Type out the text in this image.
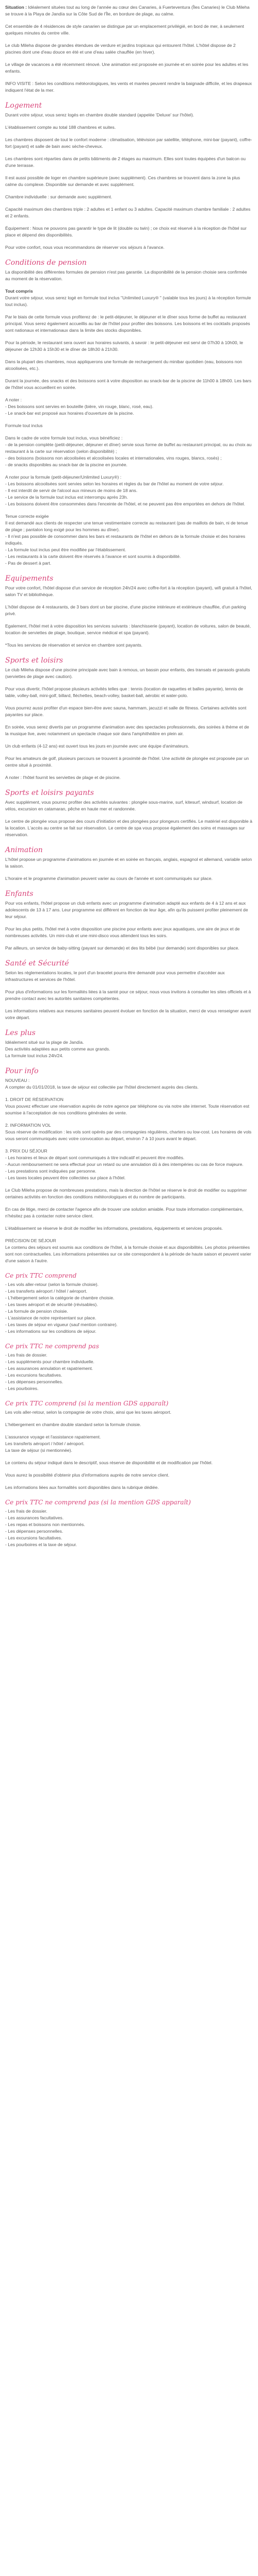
Situation : Idéalement situées tout au long de l'année au cœur des Canaries, à Fuerteventura (Îles Canaries) le Club Mileha se trouve à la Playa de Jandía sur la Côte Sud de l'Île, en bordure de plage, au calme.

Cet ensemble de 4 résidences de style canarien se distingue par un emplacement privilégié, en bord de mer, à seulement quelques minutes du centre ville.

Le club Mileha dispose de grandes étendues de verdure et jardins tropicaux qui entourent l'hôtel. L'hôtel dispose de 2 piscines dont une d'eau douce en été et une d'eau salée chauffée (en hiver).

Le village de vacances a été récemment rénové. Une animation est proposée en journée et en soirée pour les adultes et les enfants.

INFO VISITE : Selon les conditions météorologiques, les vents et marées peuvent rendre la baignade difficile, et les drapeaux indiquent l'état de la mer.

Logement

Durant votre séjour, vous serez logés en chambre double standard (appelée 'Deluxe' sur l'hôtel).

L'établissement compte au total 188 chambres et suites.

Les chambres disposent de tout le confort moderne : climatisation, télévision par satellite, téléphone, mini-bar (payant), coffre-fort (payant) et salle de bain avec sèche-cheveux.

Les chambres sont réparties dans de petits bâtiments de 2 étages au maximum. Elles sont toutes équipées d'un balcon ou d'une terrasse.

Il est aussi possible de loger en chambre supérieure (avec supplément). Ces chambres se trouvent dans la zone la plus calme du complexe. Disponible sur demande et avec supplément.

Chambre individuelle : sur demande avec supplément.

Capacité maximum des chambres triple : 2 adultes et 1 enfant ou 3 adultes. Capacité maximum chambre familiale : 2 adultes et 2 enfants.

Équipement : Nous ne pouvons pas garantir le type de lit (double ou twin) ; ce choix est réservé à la réception de l'hôtel sur place et dépend des disponibilités.

Pour votre confort, nous vous recommandons de réserver vos séjours à l'avance.

Conditions de pension

La disponibilité des différentes formules de pension n'est pas garantie. La disponibilité de la pension choisie sera confirmée au moment de la réservation.

Tout compris
Durant votre séjour, vous serez logé en formule tout inclus "Unlimited Luxury® " (valable tous les jours) à la réception formule tout inclus).

Par le biais de cette formule vous profiterez de : le petit-déjeuner, le déjeuner et le dîner sous forme de buffet au restaurant principal. Vous serez également accueillis au bar de l'hôtel pour profiter des boissons. Les boissons et les cocktails proposés sont nationaux et internationaux dans la limite des stocks disponibles.

Pour la période, le restaurant sera ouvert aux horaires suivants, à savoir : le petit-déjeuner est servi de 07h30 à 10h00, le déjeuner de 12h30 à 15h30 et le dîner de 18h30 à 21h30.

Dans la plupart des chambres, nous appliquerons une formule de rechargement du minibar quotidien (eau, boissons non alcoolisées, etc.).

Durant la journée, des snacks et des boissons sont à votre disposition au snack-bar de la piscine de 11h00 à 18h00. Les bars de l'hôtel vous accueillent en soirée.

A noter :
- Des boissons sont servies en bouteille (bière, vin rouge, blanc, rosé, eau).
- Le snack-bar est proposé aux horaires d'ouverture de la piscine.
Formule tout inclus
Dans le cadre de votre formule tout inclus, vous bénéficiez :
- de la pension complète (petit-déjeuner, déjeuner et dîner) servie sous forme de buffet au restaurant principal, ou au choix au restaurant à la carte sur réservation (selon disponibilité) ;
- des boissons (boissons non alcoolisées et alcoolisées locales et internationales, vins rouges, blancs, rosés) ;
- de snacks disponibles au snack-bar de la piscine en journée.
A noter pour la formule (petit-déjeuner/Unlimited Luxury®) :
- Les boissons alcoolisées sont servies selon les horaires et règles du bar de l'hôtel au moment de votre séjour.
- Il est interdit de servir de l'alcool aux mineurs de moins de 18 ans.
- Le service de la formule tout inclus est interrompu après 23h.
- Les boissons doivent être consommées dans l'enceinte de l'hôtel, et ne peuvent pas être emportées en dehors de l'hôtel.
Tenue correcte exigée
Il est demandé aux clients de respecter une tenue vestimentaire correcte au restaurant (pas de maillots de bain, ni de tenue de plage ; pantalon long exigé pour les hommes au dîner).
- Il n'est pas possible de consommer dans les bars et restaurants de l'hôtel en dehors de la formule choisie et des horaires indiqués.
- La formule tout inclus peut être modifiée par l'établissement.
- Les restaurants à la carte doivent être réservés à l'avance et sont soumis à disponibilité.
- Pas de dessert à part.
Equipements

Pour votre confort, l'hôtel dispose d'un service de réception 24h/24 avec coffre-fort à la réception (payant), wifi gratuit à l'hôtel, salon TV et bibliothèque.

L'hôtel dispose de 4 restaurants, de 3 bars dont un bar piscine, d'une piscine intérieure et extérieure chauffée, d'un parking privé.

Egalement, l'hôtel met à votre disposition les services suivants : blanchisserie (payant), location de voitures, salon de beauté, location de serviettes de plage, boutique, service médical et spa (payant).

*Tous les services de réservation et service en chambre sont payants.

Sports et loisirs

Le club Mileha dispose d'une piscine principale avec bain à remous, un bassin pour enfants, des transats et parasols gratuits (serviettes de plage avec caution).

Pour vous divertir, l'hôtel propose plusieurs activités telles que : tennis (location de raquettes et balles payante), tennis de table, volley-ball, mini-golf, billard, fléchettes, beach-volley, basket-ball, aérobic et water-polo.

Vous pourrez aussi profiter d'un espace bien-être avec sauna, hammam, jacuzzi et salle de fitness. Certaines activités sont payantes sur place.

En soirée, vous serez divertis par un programme d'animation avec des spectacles professionnels, des soirées à thème et de la musique live, avec notamment un spectacle chaque soir dans l'amphithéâtre en plein air.

Un club enfants (4-12 ans) est ouvert tous les jours en journée avec une équipe d'animateurs.

Pour les amateurs de golf, plusieurs parcours se trouvent à proximité de l'hôtel. Une activité de plongée est proposée par un centre situé à proximité.

A noter : l'hôtel fournit les serviettes de plage et de piscine.

Sports et loisirs payants

Avec supplément, vous pourrez profiter des activités suivantes : plongée sous-marine, surf, kitesurf, windsurf, location de vélos, excursion en catamaran, pêche en haute mer et randonnée.

Le centre de plongée vous propose des cours d'initiation et des plongées pour plongeurs certifiés. Le matériel est disponible à la location. L'accès au centre se fait sur réservation. Le centre de spa vous propose également des soins et massages sur réservation.

Animation

L'hôtel propose un programme d'animations en journée et en soirée en français, anglais, espagnol et allemand, variable selon la saison.

L'horaire et le programme d'animation peuvent varier au cours de l'année et sont communiqués sur place.

Enfants

Pour vos enfants, l'hôtel propose un club enfants avec un programme d'animation adapté aux enfants de 4 à 12 ans et aux adolescents de 13 à 17 ans. Leur programme est différent en fonction de leur âge, afin qu'ils puissent profiter pleinement de leur séjour.

Pour les plus petits, l'hôtel met à votre disposition une piscine pour enfants avec jeux aquatiques, une aire de jeux et de nombreuses activités. Un mini-club et une mini-disco vous attendent tous les soirs.

Par ailleurs, un service de baby-sitting (payant sur demande) et des lits bébé (sur demande) sont disponibles sur place.

Santé et Sécurité

Selon les réglementations locales, le port d'un bracelet pourra être demandé pour vous permettre d'accéder aux infrastructures et services de l'hôtel.

Pour plus d'informations sur les formalités liées à la santé pour ce séjour, nous vous invitons à consulter les sites officiels et à prendre contact avec les autorités sanitaires compétentes.

Les informations relatives aux mesures sanitaires peuvent évoluer en fonction de la situation, merci de vous renseigner avant votre départ.

Les plus
Idéalement situé sur la plage de Jandía.
Des activités adaptées aux petits comme aux grands.
La formule tout inclus 24h/24.
Pour info
NOUVEAU :
A compter du 01/01/2018, la taxe de séjour est collectée par l'hôtel directement auprès des clients.
1. DROIT DE RÉSERVATION
Vous pouvez effectuer une réservation auprès de notre agence par téléphone ou via notre site internet. Toute réservation est soumise à l'acceptation de nos conditions générales de vente.
2. INFORMATION VOL
Sous réserve de modification : les vols sont opérés par des compagnies régulières, charters ou low-cost. Les horaires de vols vous seront communiqués avec votre convocation au départ, environ 7 à 10 jours avant le départ.
3. PRIX DU SÉJOUR
- Les horaires et lieux de départ sont communiqués à titre indicatif et peuvent être modifiés.
- Aucun remboursement ne sera effectué pour un retard ou une annulation dû à des intempéries ou cas de force majeure.
- Les prestations sont indiquées par personne.
- Les taxes locales peuvent être collectées sur place à l'hôtel.

Le Club Mileha propose de nombreuses prestations, mais la direction de l'hôtel se réserve le droit de modifier ou supprimer certaines activités en fonction des conditions météorologiques et du nombre de participants.

En cas de litige, merci de contacter l'agence afin de trouver une solution amiable. Pour toute information complémentaire, n'hésitez pas à contacter notre service client.

L'établissement se réserve le droit de modifier les informations, prestations, équipements et services proposés.

PRÉCISION DE SÉJOUR
Le contenu des séjours est soumis aux conditions de l'hôtel, à la formule choisie et aux disponibilités. Les photos présentées sont non contractuelles. Les informations présentées sur ce site correspondent à la période de haute saison et peuvent varier d'une saison à l'autre.
Ce prix TTC comprend
- Les vols aller-retour (selon la formule choisie).
- Les transferts aéroport / hôtel / aéroport.
- L'hébergement selon la catégorie de chambre choisie.
- Les taxes aéroport et de sécurité (révisables).
- La formule de pension choisie.
- L'assistance de notre représentant sur place.
- Les taxes de séjour en vigueur (sauf mention contraire).
- Les informations sur les conditions de séjour.
Ce prix TTC ne comprend pas
- Les frais de dossier.
- Les suppléments pour chambre individuelle.
- Les assurances annulation et rapatriement.
- Les excursions facultatives.
- Les dépenses personnelles.
- Les pourboires.
Ce prix TTC comprend (si la mention GDS apparaît)

Les vols aller-retour, selon la compagnie de votre choix, ainsi que les taxes aéroport.

L'hébergement en chambre double standard selon la formule choisie.

L'assurance voyage et l'assistance rapatriement.
Les transferts aéroport / hôtel / aéroport.
La taxe de séjour (si mentionnée).

Le contenu du séjour indiqué dans le descriptif, sous réserve de disponibilité et de modification par l'hôtel.

Vous aurez la possibilité d'obtenir plus d'informations auprès de notre service client.

Les informations liées aux formalités sont disponibles dans la rubrique dédiée.

Ce prix TTC ne comprend pas (si la mention GDS apparaît)
- Les frais de dossier.
- Les assurances facultatives.
- Les repas et boissons non mentionnés.
- Les dépenses personnelles.
- Les excursions facultatives.
- Les pourboires et la taxe de séjour.
